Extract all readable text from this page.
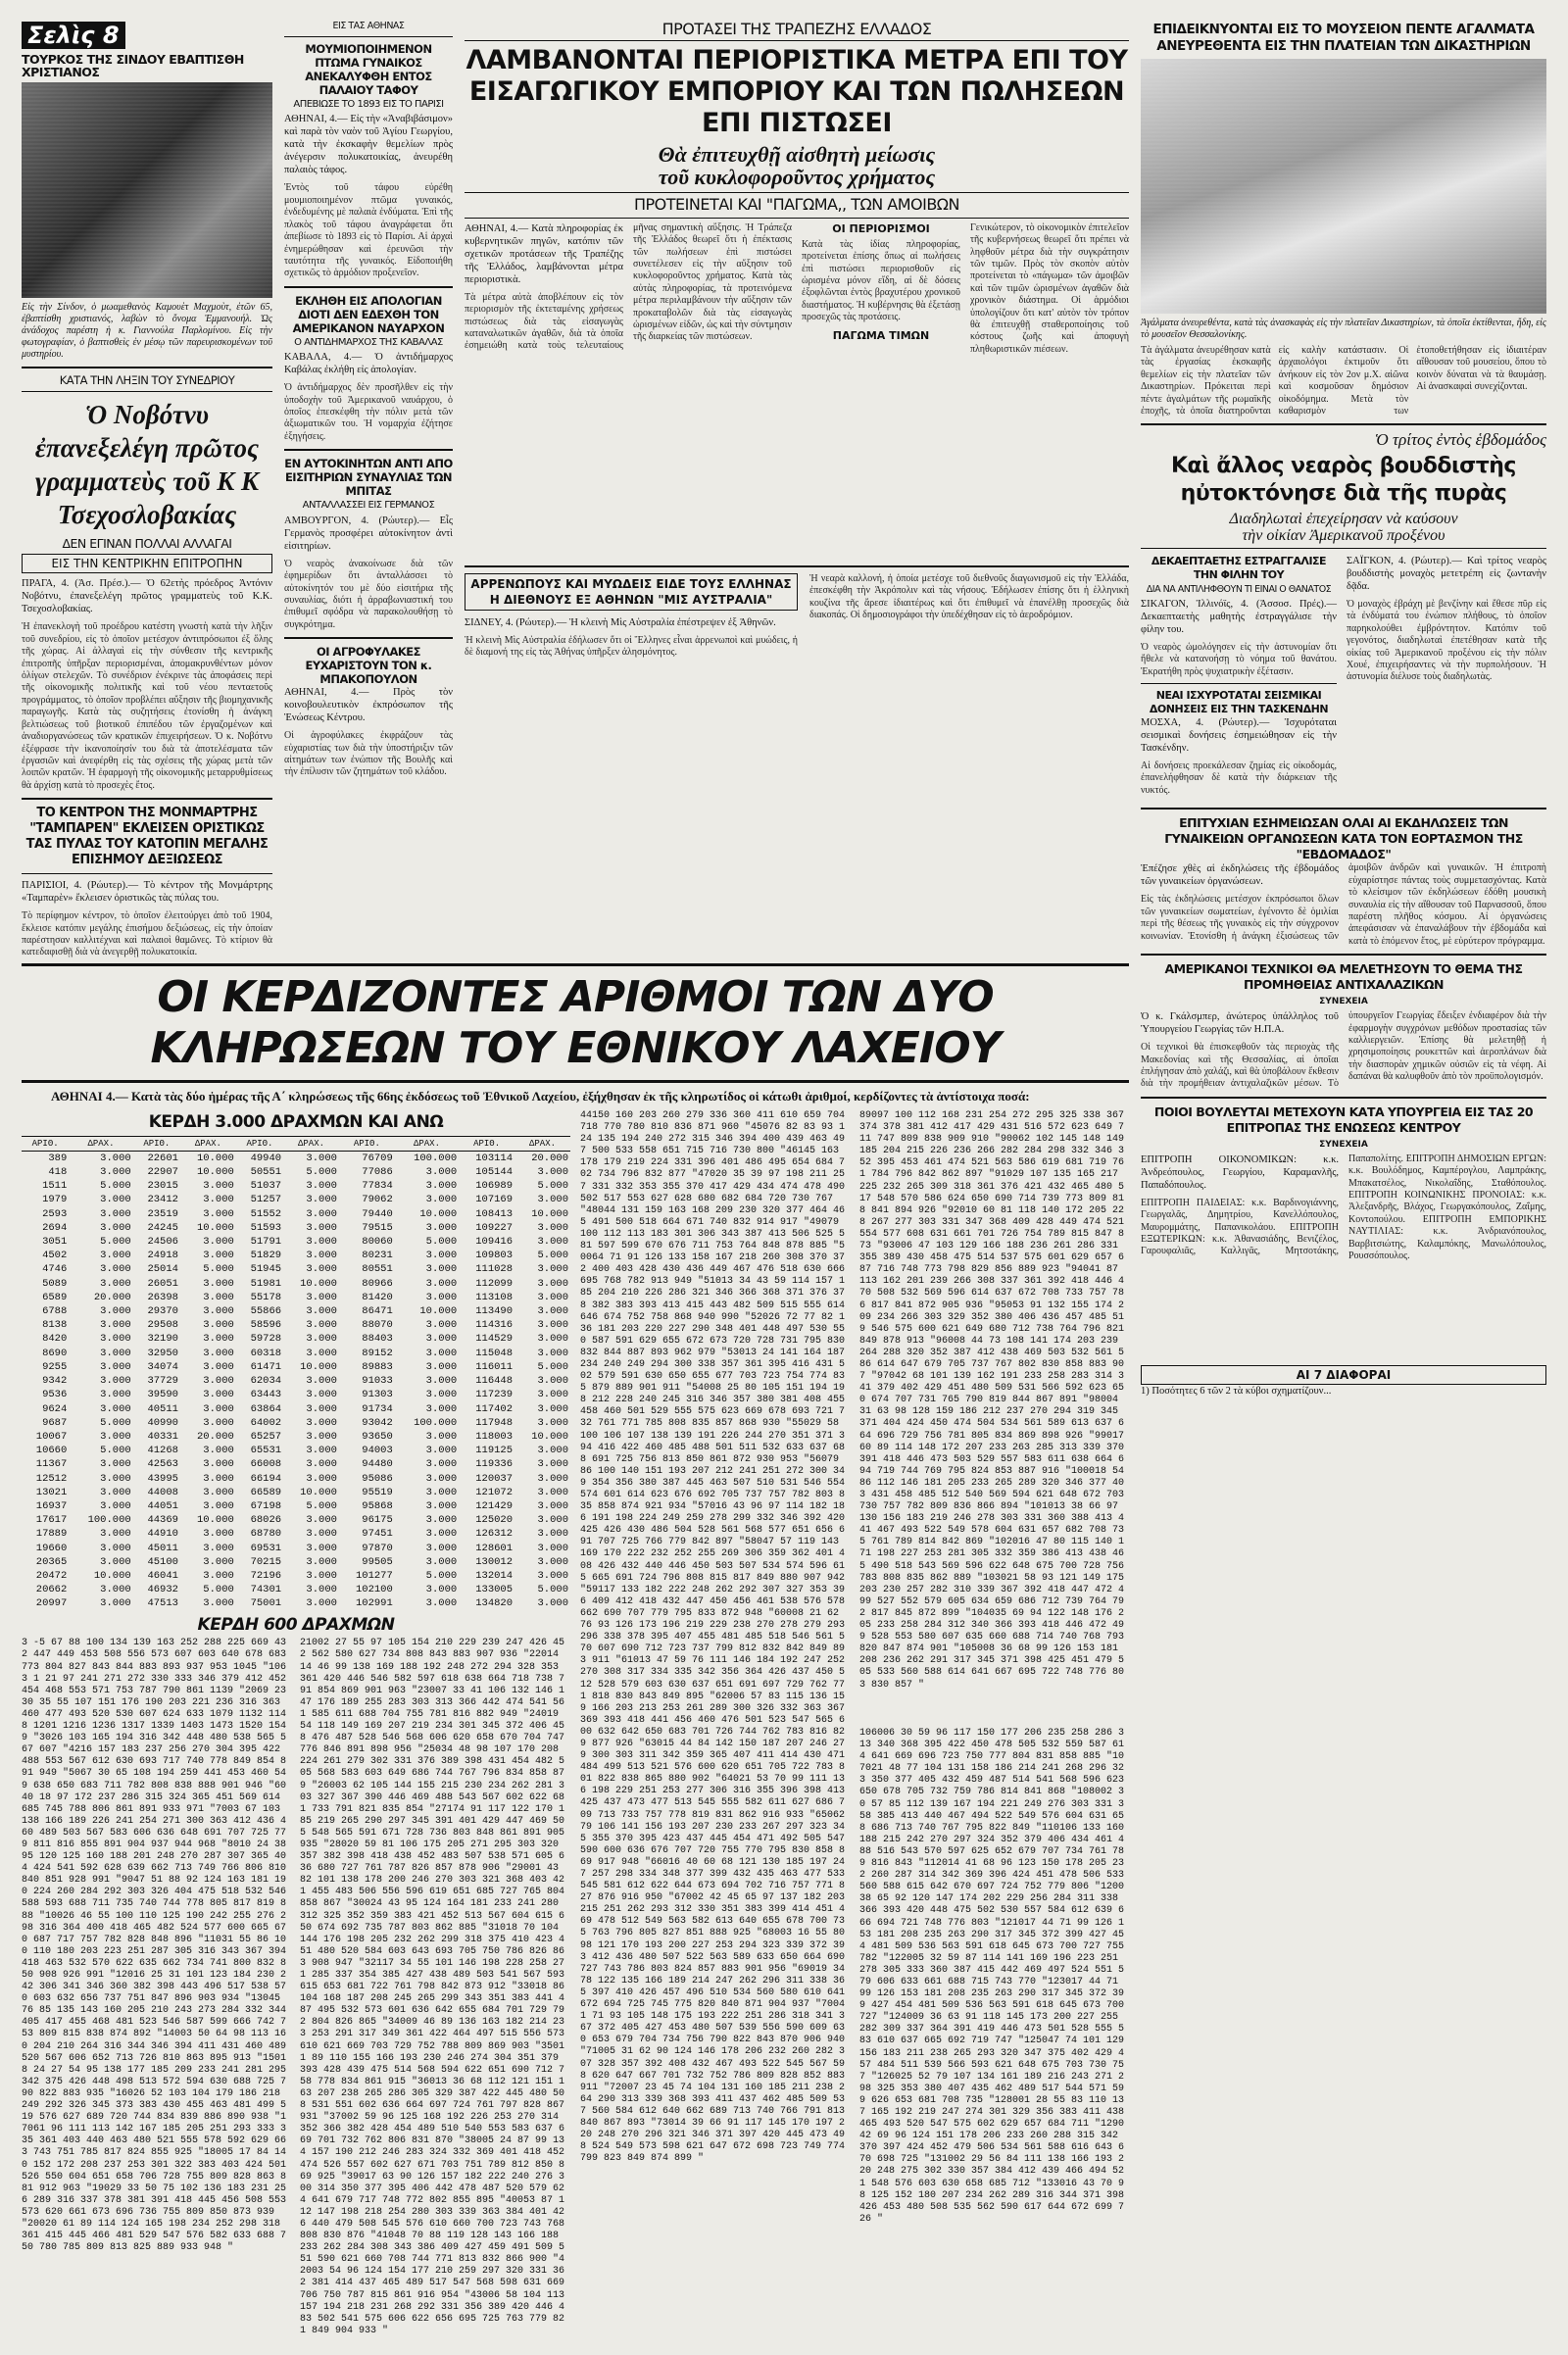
Σελὶς 8
ΤΟΥΡΚΟΣ ΤΗΣ ΣΙΝΔΟΥ ΕΒΑΠΤΙΣΘΗ ΧΡΙΣΤΙΑΝΟΣ

Εἰς τὴν Σίνδον, ὁ μωαμεθανὸς Καμουὲτ Μαχμοὺτ, ἐτῶν 65, ἐβαπτίσθη χριστιανός, λαβὼν τὸ ὄνομα Ἐμμανουήλ. Ὡς ἀνάδοχος παρέστη ἡ κ. Γιαννούλα Παρλομίνου. Εἰς τὴν φωτογραφίαν, ὁ βαπτισθεὶς ἐν μέσῳ τῶν παρευρισκομένων τοῦ μυστηρίου.

ΚΑΤΑ ΤΗΝ ΛΗΞΙΝ ΤΟΥ ΣΥΝΕΔΡΙΟΥ
Ὁ Νοβότνυ ἐπανεξελέγη πρῶτος γραμματεὺς τοῦ Κ Κ Τσεχοσλοβακίας
ΔΕΝ ΕΓΙΝΑΝ ΠΟΛΛΑΙ ΑΛΛΑΓΑΙ
ΕΙΣ ΤΗΝ ΚΕΝΤΡΙΚΗΝ ΕΠΙΤΡΟΠΗΝ

ΠΡΑΓΑ, 4. (Ἀσ. Πρέσ.).— Ὁ 62ετὴς πρόεδρος Ἀντόνιν Νοβότνυ, ἐπανεξελέγη πρῶτος γραμματεὺς τοῦ Κ.Κ. Τσεχοσλοβακίας.

Ἡ ἐπανεκλογὴ τοῦ προέδρου κατέστη γνωστὴ κατὰ τὴν λῆξιν τοῦ συνεδρίου, εἰς τὸ ὁποῖον μετέσχον ἀντιπρόσωποι ἐξ ὅλης τῆς χώρας. Αἱ ἀλλαγαὶ εἰς τὴν σύνθεσιν τῆς κεντρικῆς ἐπιτροπῆς ὑπῆρξαν περιορισμέναι, ἀπομακρυνθέντων μόνον ὀλίγων στελεχῶν. Τὸ συνέδριον ἐνέκρινε τὰς ἀποφάσεις περὶ τῆς οἰκονομικῆς πολιτικῆς καὶ τοῦ νέου πενταετοῦς προγράμματος, τὸ ὁποῖον προβλέπει αὔξησιν τῆς βιομηχανικῆς παραγωγῆς. Κατὰ τὰς συζητήσεις ἐτονίσθη ἡ ἀνάγκη βελτιώσεως τοῦ βιοτικοῦ ἐπιπέδου τῶν ἐργαζομένων καὶ ἀναδιοργανώσεως τῶν κρατικῶν ἐπιχειρήσεων. Ὁ κ. Νοβότνυ ἐξέφρασε τὴν ἱκανοποίησίν του διὰ τὰ ἀποτελέσματα τῶν ἐργασιῶν καὶ ἀνεφέρθη εἰς τὰς σχέσεις τῆς χώρας μετὰ τῶν λοιπῶν κρατῶν. Ἡ ἐφαρμογὴ τῆς οἰκονομικῆς μεταρρυθμίσεως θὰ ἀρχίσῃ κατὰ τὸ προσεχὲς ἔτος.

ΤΟ ΚΕΝΤΡΟΝ ΤΗΣ ΜΟΝΜΑΡΤΡΗΣ "ΤΑΜΠΑΡΕΝ" ΕΚΛΕΙΣΕΝ ΟΡΙΣΤΙΚΩΣ ΤΑΣ ΠΥΛΑΣ ΤΟΥ ΚΑΤΟΠΙΝ ΜΕΓΑΛΗΣ ΕΠΙΣΗΜΟΥ ΔΕΞΙΩΣΕΩΣ

ΠΑΡΙΣΙΟΙ, 4. (Ρώυτερ).— Τὸ κέντρον τῆς Μονμάρτρης «Ταμπαρὲν» ἔκλεισεν ὁριστικῶς τὰς πύλας του.

Τὸ περίφημον κέντρον, τὸ ὁποῖον ἐλειτούργει ἀπὸ τοῦ 1904, ἔκλεισε κατόπιν μεγάλης ἐπισήμου δεξιώσεως, εἰς τὴν ὁποίαν παρέστησαν καλλιτέχναι καὶ παλαιοὶ θαμῶνες. Τὸ κτίριον θὰ κατεδαφισθῇ διὰ νὰ ἀνεγερθῇ πολυκατοικία.

ΕΙΣ ΤΑΣ ΑΘΗΝΑΣ
ΜΟΥΜΙΟΠΟΙΗΜΕΝΟΝ ΠΤΩΜΑ ΓΥΝΑΙΚΟΣ ΑΝΕΚΑΛΥΦΘΗ ΕΝΤΟΣ ΠΑΛΑΙΟΥ ΤΑΦΟΥ
ΑΠΕΒΙΩΣΕ ΤΟ 1893 ΕΙΣ ΤΟ ΠΑΡΙΣΙ

ΑΘΗΝΑΙ, 4.— Εἰς τὴν «Ἀναβιβάσιμον» καὶ παρὰ τὸν ναὸν τοῦ Ἁγίου Γεωργίου, κατὰ τὴν ἐκσκαφὴν θεμελίων πρὸς ἀνέγερσιν πολυκατοικίας, ἀνευρέθη παλαιὸς τάφος.

Ἐντὸς τοῦ τάφου εὑρέθη μουμιοποιημένον πτῶμα γυναικός, ἐνδεδυμένης μὲ παλαιὰ ἐνδύματα. Ἐπὶ τῆς πλακὸς τοῦ τάφου ἀναγράφεται ὅτι ἀπεβίωσε τὸ 1893 εἰς τὸ Παρίσι. Αἱ ἀρχαὶ ἐνημερώθησαν καὶ ἐρευνῶσι τὴν ταυτότητα τῆς γυναικός. Εἰδοποιήθη σχετικῶς τὸ ἁρμόδιον προξενεῖον.

ΕΚΛΗΘΗ ΕΙΣ ΑΠΟΛΟΓΙΑΝ ΔΙΟΤΙ ΔΕΝ ΕΔΕΧΘΗ ΤΟΝ ΑΜΕΡΙΚΑΝΟΝ ΝΑΥΑΡΧΟΝ
Ο ΑΝΤΙΔΗΜΑΡΧΟΣ ΤΗΣ ΚΑΒΑΛΑΣ

ΚΑΒΑΛΑ, 4.— Ὁ ἀντιδήμαρχος Καβάλας ἐκλήθη εἰς ἀπολογίαν.

Ὁ ἀντιδήμαρχος δὲν προσῆλθεν εἰς τὴν ὑποδοχὴν τοῦ Ἀμερικανοῦ ναυάρχου, ὁ ὁποῖος ἐπεσκέφθη τὴν πόλιν μετὰ τῶν ἀξιωματικῶν του. Ἡ νομαρχία ἐζήτησε ἐξηγήσεις.

ΕΝ ΑΥΤΟΚΙΝΗΤΩΝ ΑΝΤΙ ΑΠΟ ΕΙΣΙΤΗΡΙΩΝ ΣΥΝΑΥΛΙΑΣ ΤΩΝ ΜΠΙΤΑΣ
ΑΝΤΑΛΛΑΣΣΕΙ ΕΙΣ ΓΕΡΜΑΝΟΣ

ΑΜΒΟΥΡΓΟΝ, 4. (Ρώυτερ).— Εἷς Γερμανὸς προσφέρει αὐτοκίνητον ἀντὶ εἰσιτηρίων.

Ὁ νεαρὸς ἀνακοίνωσε διὰ τῶν ἐφημερίδων ὅτι ἀνταλλάσσει τὸ αὐτοκίνητόν του μὲ δύο εἰσιτήρια τῆς συναυλίας, διότι ἡ ἀρραβωνιαστική του ἐπιθυμεῖ σφόδρα νὰ παρακολουθήσῃ τὸ συγκρότημα.

ΟΙ ΑΓΡΟΦΥΛΑΚΕΣ ΕΥΧΑΡΙΣΤΟΥΝ ΤΟΝ κ. ΜΠΑΚΟΠΟΥΛΟΝ

ΑΘΗΝΑΙ, 4.— Πρὸς τὸν κοινοβουλευτικὸν ἐκπρόσωπον τῆς Ἑνώσεως Κέντρου.

Οἱ ἀγροφύλακες ἐκφράζουν τὰς εὐχαριστίας των διὰ τὴν ὑποστήριξιν τῶν αἰτημάτων των ἐνώπιον τῆς Βουλῆς καὶ τὴν ἐπίλυσιν τῶν ζητημάτων τοῦ κλάδου.

ΠΡΟΤΑΣΕΙ ΤΗΣ ΤΡΑΠΕΖΗΣ ΕΛΛΑΔΟΣ
ΛΑΜΒΑΝΟΝΤΑΙ ΠΕΡΙΟΡΙΣΤΙΚΑ ΜΕΤΡΑ ΕΠΙ ΤΟΥ ΕΙΣΑΓΩΓΙΚΟΥ ΕΜΠΟΡΙΟΥ ΚΑΙ ΤΩΝ ΠΩΛΗΣΕΩΝ ΕΠΙ ΠΙΣΤΩΣΕΙ
Θὰ ἐπιτευχθῇ αἰσθητὴ μείωσις
τοῦ κυκλοφοροῦντος χρήματος
ΠΡΟΤΕΙΝΕΤΑΙ ΚΑΙ "ΠΑΓΩΜΑ,, ΤΩΝ ΑΜΟΙΒΩΝ

ΑΘΗΝΑΙ, 4.— Κατὰ πληροφορίας ἐκ κυβερνητικῶν πηγῶν, κατόπιν τῶν σχετικῶν προτάσεων τῆς Τραπέζης τῆς Ἑλλάδος, λαμβάνονται μέτρα περιοριστικὰ.

Τὰ μέτρα αὐτὰ ἀποβλέπουν εἰς τὸν περιορισμὸν τῆς ἐκτεταμένης χρήσεως πιστώσεως διὰ τὰς εἰσαγωγὰς καταναλωτικῶν ἀγαθῶν, διὰ τὰ ὁποῖα ἐσημειώθη κατὰ τοὺς τελευταίους μῆνας σημαντικὴ αὔξησις. Ἡ Τράπεζα τῆς Ἑλλάδος θεωρεῖ ὅτι ἡ ἐπέκτασις τῶν πωλήσεων ἐπὶ πιστώσει συνετέλεσεν εἰς τὴν αὔξησιν τοῦ κυκλοφοροῦντος χρήματος. Κατὰ τὰς αὐτὰς πληροφορίας, τὰ προτεινόμενα μέτρα περιλαμβάνουν τὴν αὔξησιν τῶν προκαταβολῶν διὰ τὰς εἰσαγωγὰς ὡρισμένων εἰδῶν, ὡς καὶ τὴν σύντμησιν τῆς διαρκείας τῶν πιστώσεων.

ΟΙ ΠΕΡΙΟΡΙΣΜΟΙ

Κατὰ τὰς ἰδίας πληροφορίας, προτείνεται ἐπίσης ὅπως αἱ πωλήσεις ἐπὶ πιστώσει περιορισθοῦν εἰς ὡρισμένα μόνον εἴδη, αἱ δὲ δόσεις ἐξοφλῶνται ἐντὸς βραχυτέρου χρονικοῦ διαστήματος. Ἡ κυβέρνησις θὰ ἐξετάσῃ προσεχῶς τὰς προτάσεις.

ΠΑΓΩΜΑ ΤΙΜΩΝ

Γενικώτερον, τὸ οἰκονομικὸν ἐπιτελεῖον τῆς κυβερνήσεως θεωρεῖ ὅτι πρέπει νὰ ληφθοῦν μέτρα διὰ τὴν συγκράτησιν τῶν τιμῶν. Πρὸς τὸν σκοπὸν αὐτὸν προτείνεται τὸ «πάγωμα» τῶν ἀμοιβῶν καὶ τῶν τιμῶν ὡρισμένων ἀγαθῶν διὰ χρονικὸν διάστημα. Οἱ ἁρμόδιοι ὑπολογίζουν ὅτι κατ' αὐτὸν τὸν τρόπον θὰ ἐπιτευχθῇ σταθεροποίησις τοῦ κόστους ζωῆς καὶ ἀποφυγὴ πληθωριστικῶν πιέσεων.

ΑΡΡΕΝΩΠΟΥΣ ΚΑΙ ΜΥΩΔΕΙΣ ΕΙΔΕ ΤΟΥΣ ΕΛΛΗΝΑΣ Η ΔΙΕΘΝΟΥΣ ΕΞ ΑΘΗΝΩΝ "ΜΙΣ ΑΥΣΤΡΑΛΙΑ"

ΣΙΔΝΕΥ, 4. (Ρώυτερ).— Ἡ κλεινὴ Μὶς Αὐστραλία ἐπέστρεψεν ἐξ Ἀθηνῶν.

Ἡ κλεινὴ Μὶς Αὐστραλία ἐδήλωσεν ὅτι οἱ Ἕλληνες εἶναι ἀρρενωποὶ καὶ μυώδεις, ἡ δὲ διαμονή της εἰς τὰς Ἀθήνας ὑπῆρξεν ἀλησμόνητος.

Ἡ νεαρὰ καλλονή, ἡ ὁποία μετέσχε τοῦ διεθνοῦς διαγωνισμοῦ εἰς τὴν Ἑλλάδα, ἐπεσκέφθη τὴν Ἀκρόπολιν καὶ τὰς νήσους. Ἐδήλωσεν ἐπίσης ὅτι ἡ ἑλληνικὴ κουζίνα τῆς ἄρεσε ἰδιαιτέρως καὶ ὅτι ἐπιθυμεῖ νὰ ἐπανέλθῃ προσεχῶς διὰ διακοπάς. Οἱ δημοσιογράφοι τὴν ὑπεδέχθησαν εἰς τὸ ἀεροδρόμιον.

ΕΠΙΔΕΙΚΝΥΟΝΤΑΙ ΕΙΣ ΤΟ ΜΟΥΣΕΙΟΝ ΠΕΝΤΕ ΑΓΑΛΜΑΤΑ ΑΝΕΥΡΕΘΕΝΤΑ ΕΙΣ ΤΗΝ ΠΛΑΤΕΙΑΝ ΤΩΝ ΔΙΚΑΣΤΗΡΙΩΝ

Ἀγάλματα ἀνευρεθέντα, κατὰ τὰς ἀνασκαφὰς εἰς τὴν πλατεῖαν Δικαστηρίων, τὰ ὁποῖα ἐκτίθενται, ἤδη, εἰς τὸ μουσεῖον Θεσσαλονίκης.

Τὰ ἀγάλματα ἀνευρέθησαν κατὰ τὰς ἐργασίας ἐκσκαφῆς θεμελίων εἰς τὴν πλατεῖαν τῶν Δικαστηρίων. Πρόκειται περὶ πέντε ἀγαλμάτων τῆς ρωμαϊκῆς ἐποχῆς, τὰ ὁποῖα διατηροῦνται εἰς καλὴν κατάστασιν. Οἱ ἀρχαιολόγοι ἐκτιμοῦν ὅτι ἀνήκουν εἰς τὸν 2ον μ.Χ. αἰῶνα καὶ κοσμοῦσαν δημόσιον οἰκοδόμημα. Μετὰ τὸν καθαρισμὸν των ἐτοποθετήθησαν εἰς ἰδιαιτέραν αἴθουσαν τοῦ μουσείου, ὅπου τὸ κοινὸν δύναται νὰ τὰ θαυμάσῃ. Αἱ ἀνασκαφαὶ συνεχίζονται.

Ὁ τρίτος ἐντὸς ἑβδομάδος
Καὶ ἄλλος νεαρὸς βουδδιστὴς ηὐτοκτόνησε διὰ τῆς πυρὰς
Διαδηλωταὶ ἐπεχείρησαν νὰ καύσουν
τὴν οἰκίαν Ἀμερικανοῦ προξένου
ΔΕΚΑΕΠΤΑΕΤΗΣ ΕΣΤΡΑΓΓΑΛΙΣΕ ΤΗΝ ΦΙΛΗΝ ΤΟΥ
ΔΙΑ ΝΑ ΑΝΤΙΛΗΦΘΟΥΝ ΤΙ ΕΙΝΑΙ Ο ΘΑΝΑΤΟΣ

ΣΙΚΑΓΟΝ, Ἰλλινόϊς, 4. (Ἀσσοσ. Πρές).— Δεκαεπταετὴς μαθητὴς ἐστραγγάλισε τὴν φίλην του.

Ὁ νεαρὸς ὡμολόγησεν εἰς τὴν ἀστυνομίαν ὅτι ἤθελε νὰ κατανοήσῃ τὸ νόημα τοῦ θανάτου. Ἐκρατήθη πρὸς ψυχιατρικὴν ἐξέτασιν.

ΝΕΑΙ ΙΣΧΥΡΟΤΑΤΑΙ ΣΕΙΣΜΙΚΑΙ ΔΟΝΗΣΕΙΣ ΕΙΣ ΤΗΝ ΤΑΣΚΕΝΔΗΝ

ΜΟΣΧΑ, 4. (Ρώυτερ).— Ἰσχυρόταται σεισμικαὶ δονήσεις ἐσημειώθησαν εἰς τὴν Τασκένδην.

Αἱ δονήσεις προεκάλεσαν ζημίας εἰς οἰκοδομάς, ἐπανελήφθησαν δὲ κατὰ τὴν διάρκειαν τῆς νυκτός.

ΣΑΪΓΚΟΝ, 4. (Ρώυτερ).— Καὶ τρίτος νεαρὸς βουδδιστὴς μοναχὸς μετετρέπη εἰς ζωντανὴν δᾷδα.

Ὁ μοναχὸς ἐβράχη μὲ βενζίνην καὶ ἔθεσε πῦρ εἰς τὰ ἐνδύματά του ἐνώπιον πλήθους, τὸ ὁποῖον παρηκολούθει ἐμβρόντητον. Κατόπιν τοῦ γεγονότος, διαδηλωταὶ ἐπετέθησαν κατὰ τῆς οἰκίας τοῦ Ἀμερικανοῦ προξένου εἰς τὴν πόλιν Χουέ, ἐπιχειρήσαντες νὰ τὴν πυρπολήσουν. Ἡ ἀστυνομία διέλυσε τοὺς διαδηλωτὰς.

ΕΠΙΤΥΧΙΑΝ ΕΣΗΜΕΙΩΣΑΝ ΟΛΑΙ ΑΙ ΕΚΔΗΛΩΣΕΙΣ ΤΩΝ ΓΥΝΑΙΚΕΙΩΝ ΟΡΓΑΝΩΣΕΩΝ ΚΑΤΑ ΤΟΝ ΕΟΡΤΑΣΜΟΝ ΤΗΣ "ΕΒΔΟΜΑΔΟΣ"

Ἐπέζησε χθὲς αἱ ἐκδηλώσεις τῆς ἐβδομάδος τῶν γυναικείων ὀργανώσεων.

Εἰς τὰς ἐκδηλώσεις μετέσχον ἐκπρόσωποι ὅλων τῶν γυναικείων σωματείων, ἐγένοντο δὲ ὁμιλίαι περὶ τῆς θέσεως τῆς γυναικὸς εἰς τὴν σύγχρονον κοινωνίαν. Ἐτονίσθη ἡ ἀνάγκη ἐξισώσεως τῶν ἀμοιβῶν ἀνδρῶν καὶ γυναικῶν. Ἡ ἐπιτροπὴ εὐχαρίστησε πάντας τοὺς συμμετασχόντας. Κατὰ τὸ κλείσιμον τῶν ἐκδηλώσεων ἐδόθη μουσικὴ συναυλία εἰς τὴν αἴθουσαν τοῦ Παρνασσοῦ, ὅπου παρέστη πλῆθος κόσμου. Αἱ ὀργανώσεις ἀπεφάσισαν νὰ ἐπαναλάβουν τὴν ἐβδομάδα καὶ κατὰ τὸ ἑπόμενον ἔτος, μὲ εὐρύτερον πρόγραμμα.

ΑΜΕΡΙΚΑΝΟΙ ΤΕΧΝΙΚΟΙ ΘΑ ΜΕΛΕΤΗΣΟΥΝ ΤΟ ΘΕΜΑ ΤΗΣ ΠΡΟΜΗΘΕΙΑΣ ΑΝΤΙΧΑΛΑΖΙΚΩΝ
ΣΥΝΕΧΕΙΑ

Ὁ κ. Γκάλσμπερ, ἀνώτερος ὑπάλληλος τοῦ Ὑπουργείου Γεωργίας τῶν Η.Π.Α.

Οἱ τεχνικοὶ θὰ ἐπισκεφθοῦν τὰς περιοχὰς τῆς Μακεδονίας καὶ τῆς Θεσσαλίας, αἱ ὁποῖαι ἐπλήγησαν ἀπὸ χαλάζι, καὶ θὰ ὑποβάλουν ἔκθεσιν διὰ τὴν προμήθειαν ἀντιχαλαζικῶν μέσων. Τὸ ὑπουργεῖον Γεωργίας ἔδειξεν ἐνδιαφέρον διὰ τὴν ἐφαρμογὴν συγχρόνων μεθόδων προστασίας τῶν καλλιεργειῶν. Ἐπίσης θὰ μελετηθῇ ἡ χρησιμοποίησις ρουκεττῶν καὶ ἀεροπλάνων διὰ τὴν διασπορὰν χημικῶν οὐσιῶν εἰς τὰ νέφη. Αἱ δαπάναι θὰ καλυφθοῦν ἀπὸ τὸν προϋπολογισμόν.

ΠΟΙΟΙ ΒΟΥΛΕΥΤΑΙ ΜΕΤΕΧΟΥΝ ΚΑΤΑ ΥΠΟΥΡΓΕΙΑ ΕΙΣ ΤΑΣ 20 ΕΠΙΤΡΟΠΑΣ ΤΗΣ ΕΝΩΣΕΩΣ ΚΕΝΤΡΟΥ
ΣΥΝΕΧΕΙΑ

ΕΠΙΤΡΟΠΗ ΟΙΚΟΝΟΜΙΚΩΝ: κ.κ. Ἀνδρεόπουλος, Γεωργίου, Καραμανλῆς, Παπαδόπουλος.

ΕΠΙΤΡΟΠΗ ΠΑΙΔΕΙΑΣ: κ.κ. Βαρδινογιάννης, Γεωργαλᾶς, Δημητρίου, Κανελλόπουλος, Μαυρομμάτης, Παπανικολάου. ΕΠΙΤΡΟΠΗ ΕΞΩΤΕΡΙΚΩΝ: κ.κ. Ἀθανασιάδης, Βενιζέλος, Γαρουφαλιᾶς, Καλλιγᾶς, Μητσοτάκης, Παπαπολίτης. ΕΠΙΤΡΟΠΗ ΔΗΜΟΣΙΩΝ ΕΡΓΩΝ: κ.κ. Βουλόδημος, Καμπέρογλου, Λαμπράκης, Μπακατσέλος, Νικολαΐδης, Σταθόπουλος. ΕΠΙΤΡΟΠΗ ΚΟΙΝΩΝΙΚΗΣ ΠΡΟΝΟΙΑΣ: κ.κ. Ἀλεξανδρῆς, Βλάχος, Γεωργακόπουλος, Ζαΐμης, Κοντοπούλου. ΕΠΙΤΡΟΠΗ ΕΜΠΟΡΙΚΗΣ ΝΑΥΤΙΛΙΑΣ: κ.κ. Ἀνδριανόπουλος, Βαρβιτσιώτης, Καλαμπόκης, Μανωλόπουλος, Ρουσσόπουλος.

ΑΙ 7 ΔΙΑΦΟΡΑΙ

1) Ποσότητες 6 τῶν 2 τὰ κύβοι σχηματίζουν...

ΟΙ ΚΕΡΔΙΖΟΝΤΕΣ ΑΡΙΘΜΟΙ ΤΩΝ ΔΥΟ ΚΛΗΡΩΣΕΩΝ ΤΟΥ ΕΘΝΙΚΟΥ ΛΑΧΕΙΟΥ

ΑΘΗΝΑΙ 4.— Κατὰ τὰς δύο ἡμέρας τῆς Α΄ κληρώσεως τῆς 66ης ἐκδόσεως τοῦ Ἐθνικοῦ Λαχείου, ἐξήχθησαν ἐκ τῆς κληρωτίδος οἱ κάτωθι ἀριθμοί, κερδίζοντες τὰ ἀντίστοιχα ποσά:

ΚΕΡΔΗ 3.000 ΔΡΑΧΜΩΝ ΚΑΙ ΑΝΩ
ΑΡΙΘ.	ΔΡΑΧ.	ΑΡΙΘ.	ΔΡΑΧ.	ΑΡΙΘ.	ΔΡΑΧ.	ΑΡΙΘ.	ΔΡΑΧ.	ΑΡΙΘ.	ΔΡΑΧ.
389	3.000	22601	10.000	49940	3.000	76709	100.000	103114	20.000
418	3.000	22907	10.000	50551	5.000	77086	3.000	105144	3.000
1511	5.000	23015	3.000	51037	3.000	77834	3.000	106989	5.000
1979	3.000	23412	3.000	51257	3.000	79062	3.000	107169	3.000
2593	3.000	23519	3.000	51552	3.000	79440	10.000	108413	10.000
2694	3.000	24245	10.000	51593	3.000	79515	3.000	109227	3.000
3051	5.000	24506	3.000	51791	3.000	80060	5.000	109416	3.000
4502	3.000	24918	3.000	51829	3.000	80231	3.000	109803	5.000
4746	3.000	25014	5.000	51945	3.000	80551	3.000	111028	3.000
5089	3.000	26051	3.000	51981	10.000	80966	3.000	112099	3.000
6589	20.000	26398	3.000	55178	3.000	81420	3.000	113108	3.000
6788	3.000	29370	3.000	55866	3.000	86471	10.000	113490	3.000
8138	3.000	29508	3.000	58596	3.000	88070	3.000	114316	3.000
8420	3.000	32190	3.000	59728	3.000	88403	3.000	114529	3.000
8690	3.000	32950	3.000	60318	3.000	89152	3.000	115048	3.000
9255	3.000	34074	3.000	61471	10.000	89883	3.000	116011	5.000
9342	3.000	37729	3.000	62034	3.000	91033	3.000	116448	3.000
9536	3.000	39590	3.000	63443	3.000	91303	3.000	117239	3.000
9624	3.000	40511	3.000	63864	3.000	91734	3.000	117402	3.000
9687	5.000	40990	3.000	64002	3.000	93042	100.000	117948	3.000
10067	3.000	40331	20.000	65257	3.000	93650	3.000	118003	10.000
10660	5.000	41268	3.000	65531	3.000	94003	3.000	119125	3.000
11367	3.000	42563	3.000	66008	3.000	94480	3.000	119336	3.000
12512	3.000	43995	3.000	66194	3.000	95086	3.000	120037	3.000
13021	3.000	44008	3.000	66589	10.000	95519	3.000	121072	3.000
16937	3.000	44051	3.000	67198	5.000	95868	3.000	121429	3.000
17617	100.000	44369	10.000	68026	3.000	96175	3.000	125020	3.000
17889	3.000	44910	3.000	68780	3.000	97451	3.000	126312	3.000
19660	3.000	45011	3.000	69531	3.000	97870	3.000	128601	3.000
20365	3.000	45100	3.000	70215	3.000	99505	3.000	130012	3.000
20472	10.000	46041	3.000	72196	3.000	101277	5.000	132014	3.000
20662	3.000	46932	5.000	74301	3.000	102100	3.000	133005	5.000
20997	3.000	47513	3.000	75001	3.000	102991	3.000	134820	3.000
ΚΕΡΔΗ 600 ΔΡΑΧΜΩΝ

3 -5 67 88 100 134 139 163 252 288 225 669 432 447 449 453 508 556 573 607 603 640 678 683 773 804 827 843 844 883 893 937 953 1045 "1063 1 21 97 241 271 272 330 333 346 379 412 452 454 468 553 571 753 787 790 861 1139 "2069 23 30 35 55 107 151 176 190 203 221 236 316 363 460 477 493 520 530 607 624 633 1079 1132 1148 1201 1216 1236 1317 1339 1403 1473 1520 1549 "3026 103 165 194 316 342 448 480 538 565 567 607 "4216 157 183 237 256 270 304 395 422 488 553 567 612 630 693 717 740 778 849 854 891 949 "5067 30 65 108 194 259 441 453 460 549 638 650 683 711 782 808 838 888 901 946 "6040 18 97 172 237 286 315 324 365 451 569 614 685 745 788 806 861 891 933 971 "7003 67 103 138 166 189 226 241 254 271 300 363 412 436 460 489 503 567 583 606 636 648 691 707 725 779 811 816 855 891 904 937 944 968 "8010 24 38 95 120 125 160 188 201 248 270 287 307 365 404 424 541 592 628 639 662 713 749 766 806 810 840 851 928 991 "9047 51 88 92 124 163 181 190 224 260 284 292 303 326 404 475 518 532 546 588 593 688 711 735 740 744 778 805 817 819 888 "10026 46 55 100 110 125 190 242 255 276 298 316 364 400 418 465 482 524 577 600 665 670 687 717 757 782 828 848 896 "11031 55 86 100 110 180 203 223 251 287 305 316 343 367 394 418 463 532 570 622 635 662 734 741 800 832 850 908 926 991 "12016 25 31 101 123 184 230 242 306 341 346 360 382 398 443 496 517 538 570 603 632 656 737 751 847 896 903 934 "13045 76 85 135 143 160 205 210 243 273 284 332 344 405 417 455 468 481 523 546 587 599 666 742 753 809 815 838 874 892 "14003 50 64 98 113 160 204 210 264 316 344 346 394 411 431 460 489 520 567 606 652 713 726 810 863 895 913 "15018 24 27 54 95 138 177 185 209 233 241 281 295 342 375 426 448 498 513 572 594 630 688 725 790 822 883 935 "16026 52 103 104 179 186 218 249 292 326 345 373 383 430 455 463 481 499 519 576 627 689 720 744 834 839 886 890 938 "17061 96 111 113 142 167 185 205 251 293 333 335 361 403 440 463 480 521 555 578 592 629 663 743 751 785 817 824 855 925 "18005 17 84 140 152 172 208 237 253 301 322 383 403 424 501 526 550 604 651 658 706 728 755 809 828 863 881 912 963 "19029 33 50 75 102 136 183 231 256 289 316 337 378 381 391 418 445 456 508 553 573 620 661 673 696 736 755 809 850 873 939 "20020 61 89 114 124 165 198 234 252 298 318 361 415 445 466 481 529 547 576 582 633 688 750 780 785 809 813 825 889 933 948 "

21002 27 55 97 105 154 210 229 239 247 426 452 562 580 627 734 808 843 883 907 936 "22014 14 46 99 138 169 188 192 248 272 294 328 353 361 420 446 546 582 597 618 638 664 718 738 791 854 869 901 963 "23007 33 41 106 132 146 147 176 189 255 283 303 313 366 442 474 541 561 585 611 688 704 755 781 816 882 949 "24019 54 118 149 169 207 219 234 301 345 372 406 458 476 487 528 546 568 606 620 658 670 704 747 776 846 891 898 956 "25034 48 98 107 170 208 224 261 279 302 331 376 389 398 431 454 482 505 568 583 603 649 686 744 767 796 834 858 879 "26003 62 105 144 155 215 230 234 262 281 303 327 367 390 446 469 488 543 567 602 622 681 733 791 821 835 854 "27174 91 117 122 170 185 219 265 290 297 345 391 401 429 447 469 505 548 565 591 671 728 736 803 848 861 891 905 935 "28020 59 81 106 175 205 271 295 303 320 357 382 398 418 438 452 483 507 538 571 605 636 680 727 761 787 826 857 878 906 "29001 43 82 101 138 178 200 246 270 303 321 368 403 421 455 483 506 556 596 619 651 685 727 765 804 858 867 "30024 43 95 124 164 181 233 241 280 312 325 352 359 383 421 452 513 567 604 615 650 674 692 735 787 803 862 885 "31018 70 104 144 176 198 205 232 262 299 318 375 410 423 451 480 520 584 603 643 693 705 750 786 826 863 908 947 "32117 34 55 101 146 198 228 258 271 285 337 354 385 427 438 489 503 541 567 593 615 653 681 722 761 798 842 873 912 "33018 86 104 168 187 208 245 265 299 343 351 383 441 487 495 532 573 601 636 642 655 684 701 729 792 804 826 865 "34009 46 89 136 163 182 214 233 253 291 317 349 361 422 464 497 515 556 573 610 621 669 703 729 752 788 809 869 903 "35011 89 110 155 166 193 230 246 274 304 351 379 393 428 439 475 514 568 594 622 651 690 712 758 778 834 861 915 "36013 36 68 112 121 151 163 207 238 265 286 305 329 387 422 445 480 508 531 551 602 636 664 697 724 761 797 828 867 931 "37002 59 96 125 168 192 226 253 270 314 352 366 382 428 454 489 510 540 553 583 637 669 701 732 762 806 831 870 "38005 24 87 99 134 157 190 212 246 283 324 332 369 401 418 452 474 526 557 602 627 671 703 751 789 812 850 869 925 "39017 63 90 126 157 182 222 240 276 300 314 350 377 395 406 442 478 487 520 579 624 641 679 717 748 772 802 855 895 "40053 87 112 147 198 218 254 280 303 339 363 384 401 426 440 479 508 545 576 610 660 700 723 743 768 808 830 876 "41048 70 88 119 128 143 166 188 233 262 284 308 343 386 409 427 459 491 509 551 590 621 660 708 744 771 813 832 866 900 "42003 54 96 124 154 177 210 259 297 320 331 362 381 414 437 465 489 517 547 568 598 631 669 706 750 787 815 861 916 954 "43006 58 104 113 157 194 218 231 268 292 331 356 389 420 446 483 502 541 575 606 622 656 695 725 763 779 821 849 904 933 "

44150 160 203 260 279 336 360 411 610 659 704 718 770 780 810 836 871 960 "45076 82 83 93 124 135 194 240 272 315 346 394 400 439 463 497 500 533 558 651 715 716 730 800 "46145 163 178 179 219 224 331 396 401 486 495 654 684 702 734 796 832 877 "47020 35 39 97 198 211 257 331 332 353 355 370 417 429 434 474 478 490 502 517 553 627 628 680 682 684 720 730 767 "48044 131 159 163 168 209 230 320 377 464 465 491 500 518 664 671 740 832 914 917 "49079 100 112 113 183 301 306 343 387 413 506 525 581 597 599 670 676 711 753 764 848 878 885 "50064 71 91 126 133 158 167 218 260 308 370 372 400 403 428 430 436 449 467 476 518 630 666 695 768 782 913 949 "51013 34 43 59 114 157 185 204 210 226 286 321 346 366 368 371 376 378 382 383 393 413 415 443 482 509 515 555 614 646 674 752 758 868 940 990 "52026 72 77 82 136 181 203 220 227 290 348 401 448 497 530 550 587 591 629 655 672 673 720 728 731 795 830 832 844 887 893 962 979 "53013 24 141 164 187 234 240 249 294 300 338 357 361 395 416 431 502 579 591 630 650 655 677 703 723 754 774 835 879 889 901 911 "54008 25 80 105 151 194 198 212 228 240 245 316 346 357 380 381 408 455 458 460 501 529 555 575 623 669 678 693 721 732 761 771 785 808 835 857 868 930 "55029 58 100 106 107 138 139 191 226 244 270 351 371 394 416 422 460 485 488 501 511 532 633 637 688 691 725 756 813 850 861 872 930 953 "56079 86 100 140 151 193 207 212 241 251 272 300 349 354 356 380 387 445 463 507 510 531 546 554 574 601 614 623 676 692 705 737 757 782 803 835 858 874 921 934 "57016 43 96 97 114 182 186 191 198 224 249 259 278 299 332 346 392 420 425 426 430 486 504 528 561 568 577 651 656 691 707 725 766 779 842 897 "58047 57 119 143 169 170 222 232 252 255 269 306 359 362 401 408 426 432 440 446 450 503 507 534 574 596 615 665 691 724 796 808 815 817 849 880 907 942 "59117 133 182 222 248 262 292 307 327 353 396 409 412 418 432 447 450 456 461 538 576 578 662 690 707 779 795 833 872 948 "60008 21 62 76 93 126 173 196 219 229 238 270 278 279 293 296 338 378 395 407 455 481 485 518 546 561 570 607 690 712 723 737 799 812 832 842 849 893 911 "61013 47 59 76 111 146 184 192 247 252 270 308 317 334 335 342 356 364 426 437 450 512 528 579 603 630 637 651 691 697 729 762 771 818 830 843 849 895 "62006 57 83 115 136 159 166 203 213 253 261 289 300 326 332 363 367 369 393 418 441 456 460 476 501 523 547 565 600 632 642 650 683 701 726 744 762 783 816 829 877 926 "63015 44 84 142 150 187 207 246 279 300 303 311 342 359 365 407 411 414 430 471 484 499 513 521 576 600 620 651 705 722 783 801 822 838 865 880 902 "64021 53 70 99 111 136 198 229 251 253 277 306 316 355 396 398 413 425 437 473 477 513 545 555 582 611 627 686 709 713 733 757 778 819 831 862 916 933 "65062 79 106 141 156 193 207 230 233 267 297 323 345 355 370 395 423 437 445 454 471 492 505 547 590 600 636 676 707 720 755 770 795 830 858 869 917 948 "66016 40 60 68 121 130 185 197 247 257 298 334 348 377 399 432 435 463 477 533 545 581 612 622 644 673 694 702 716 757 771 827 876 916 950 "67002 42 45 65 97 137 182 203 215 251 262 293 312 330 351 383 399 414 451 469 478 512 549 563 582 613 640 655 678 700 735 763 796 805 827 851 888 925 "68003 16 55 80 98 121 170 193 200 227 253 294 323 339 372 393 412 436 480 507 522 563 589 633 650 664 690 727 743 786 803 824 857 883 901 956 "69019 34 78 122 135 166 189 214 247 262 296 311 338 365 397 410 426 457 496 510 534 560 580 610 641 672 694 725 745 775 820 840 871 904 937 "70041 71 93 105 148 175 193 222 251 286 318 341 367 372 405 427 453 480 507 539 556 590 609 630 653 679 704 734 756 790 822 843 870 906 940 "71005 31 62 90 124 146 178 206 232 260 282 307 328 357 392 408 432 467 493 522 545 567 598 620 647 667 701 732 752 786 809 828 852 883 911 "72007 23 45 74 104 131 160 185 211 238 264 290 313 339 368 393 411 437 462 485 509 537 560 584 612 640 662 689 713 740 766 791 813 840 867 893 "73014 39 66 91 117 145 170 197 220 248 270 296 321 346 371 397 420 445 473 498 524 549 573 598 621 647 672 698 723 749 774 799 823 849 874 899 "

89097 100 112 168 231 254 272 295 325 338 367 374 378 381 412 417 429 431 516 572 623 649 711 747 809 838 909 910 "90062 102 145 148 149 185 204 215 226 236 266 282 284 298 332 346 352 395 453 461 474 521 563 586 619 681 719 761 784 796 842 862 897 "91029 107 135 165 217 225 232 265 309 318 361 376 421 432 465 480 517 548 570 586 624 650 690 714 739 773 809 818 841 894 926 "92010 60 81 118 140 172 205 228 267 277 303 331 347 368 409 428 449 474 521 554 577 608 631 661 701 726 754 789 815 847 873 "93006 47 103 129 166 188 236 261 286 331 355 389 430 458 475 514 537 575 601 629 657 687 716 748 773 798 829 856 889 923 "94041 87 113 162 201 239 266 308 337 361 392 418 446 470 508 532 569 596 614 637 672 708 733 757 786 817 841 872 905 936 "95053 91 132 155 174 209 234 266 303 329 352 380 406 436 457 485 519 546 575 600 621 649 680 712 738 764 796 821 849 878 913 "96008 44 73 108 141 174 203 239 264 288 320 352 387 412 438 469 503 532 561 586 614 647 679 705 737 767 802 830 858 883 907 "97042 68 101 139 162 191 233 258 283 314 341 379 402 429 451 480 509 531 566 592 623 650 674 707 731 765 790 819 844 867 891 "98004 31 63 98 128 159 186 212 237 270 294 319 345 371 404 424 450 474 504 534 561 589 613 637 664 696 729 756 781 805 834 869 898 926 "99017 60 89 114 148 172 207 233 263 285 313 339 370 391 418 446 473 503 529 557 583 611 638 664 694 719 744 769 795 824 853 887 916 "100018 54 86 112 146 181 205 233 265 289 320 346 377 403 431 458 485 512 540 569 594 621 648 672 703 730 757 782 809 836 866 894 "101013 38 66 97 130 156 183 219 246 278 303 331 360 388 413 441 467 493 522 549 578 604 631 657 682 708 735 761 789 814 842 869 "102016 47 80 115 140 171 198 227 253 281 305 332 359 386 413 438 465 490 518 543 569 596 622 648 675 700 728 756 783 808 835 862 889 "103021 58 93 121 149 175 203 230 257 282 310 339 367 392 418 447 472 499 527 552 579 605 634 659 686 712 739 764 792 817 845 872 899 "104035 69 94 122 148 176 205 233 258 284 312 340 366 393 418 446 472 499 528 553 580 607 635 660 688 714 740 768 793 820 847 874 901 "105008 36 68 99 126 153 181 208 236 262 291 317 345 371 398 425 451 479 505 533 560 588 614 641 667 695 722 748 776 803 830 857 "

106006 30 59 96 117 150 177 206 235 258 286 313 340 368 395 422 450 478 505 532 559 587 614 641 669 696 723 750 777 804 831 858 885 "107021 48 77 104 131 158 186 214 241 268 296 323 350 377 405 432 459 487 514 541 568 596 623 650 678 705 732 759 786 814 841 868 "108002 30 57 85 112 139 167 194 221 249 276 303 331 358 385 413 440 467 494 522 549 576 604 631 658 686 713 740 767 795 822 849 "110106 133 160 188 215 242 270 297 324 352 379 406 434 461 488 516 543 570 597 625 652 679 707 734 761 789 816 843 "112014 41 68 96 123 150 178 205 232 260 287 314 342 369 396 424 451 478 506 533 560 588 615 642 670 697 724 752 779 806 "120038 65 92 120 147 174 202 229 256 284 311 338 366 393 420 448 475 502 530 557 584 612 639 666 694 721 748 776 803 "121017 44 71 99 126 153 181 208 235 263 290 317 345 372 399 427 454 481 509 536 563 591 618 645 673 700 727 755 782 "122005 32 59 87 114 141 169 196 223 251 278 305 333 360 387 415 442 469 497 524 551 579 606 633 661 688 715 743 770 "123017 44 71 99 126 153 181 208 235 263 290 317 345 372 399 427 454 481 509 536 563 591 618 645 673 700 727 "124009 36 63 91 118 145 173 200 227 255 282 309 337 364 391 419 446 473 501 528 555 583 610 637 665 692 719 747 "125047 74 101 129 156 183 211 238 265 293 320 347 375 402 429 457 484 511 539 566 593 621 648 675 703 730 757 "126025 52 79 107 134 161 189 216 243 271 298 325 353 380 407 435 462 489 517 544 571 599 626 653 681 708 735 "128001 28 55 83 110 137 165 192 219 247 274 301 329 356 383 411 438 465 493 520 547 575 602 629 657 684 711 "129042 69 96 124 151 178 206 233 260 288 315 342 370 397 424 452 479 506 534 561 588 616 643 670 698 725 "131002 29 56 84 111 138 166 193 220 248 275 302 330 357 384 412 439 466 494 521 548 576 603 630 658 685 712 "133016 43 70 98 125 152 180 207 234 262 289 316 344 371 398 426 453 480 508 535 562 590 617 644 672 699 726 "
